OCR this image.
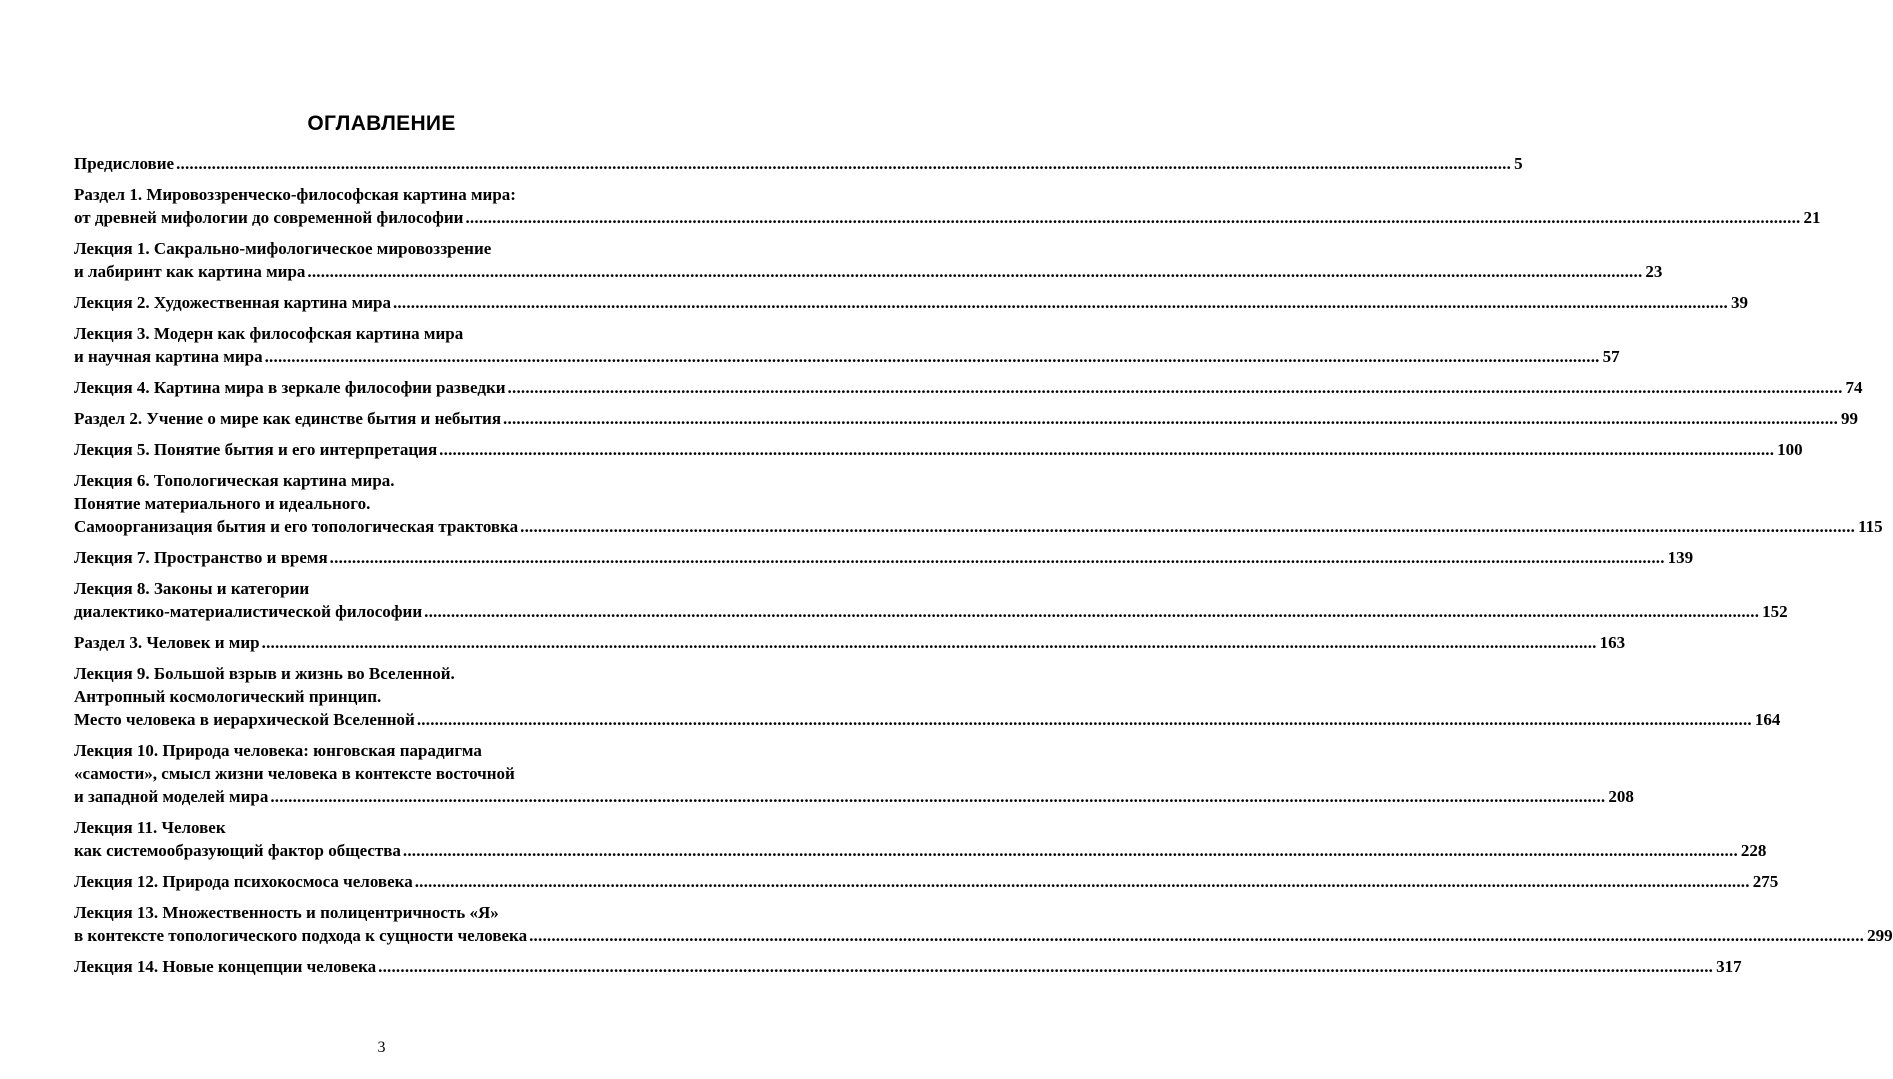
ОГЛАВЛЕНИЕ
Предисловие ............................................................................................................................................................................................................................................................................................................ 5
Раздел 1. Мировоззренческо-философская картина мира:
от древней мифологии до современной философии ............................................................................................................................................................................................................................................................................................................ 21
Лекция 1. Сакрально-мифологическое мировоззрение
и лабиринт как картина мира ............................................................................................................................................................................................................................................................................................................ 23
Лекция 2. Художественная картина мира ............................................................................................................................................................................................................................................................................................................ 39
Лекция 3. Модерн как философская картина мира
и научная картина мира ............................................................................................................................................................................................................................................................................................................ 57
Лекция 4. Картина мира в зеркале философии разведки ............................................................................................................................................................................................................................................................................................................ 74
Раздел 2. Учение о мире как единстве бытия и небытия ............................................................................................................................................................................................................................................................................................................ 99
Лекция 5. Понятие бытия и его интерпретация ............................................................................................................................................................................................................................................................................................................ 100
Лекция 6. Топологическая картина мира.
Понятие материального и идеального.
Самоорганизация бытия и его топологическая трактовка ............................................................................................................................................................................................................................................................................................................ 115
Лекция 7. Пространство и время ............................................................................................................................................................................................................................................................................................................ 139
Лекция 8. Законы и категории
диалектико-материалистической философии ............................................................................................................................................................................................................................................................................................................ 152
Раздел 3. Человек и мир ............................................................................................................................................................................................................................................................................................................ 163
Лекция 9. Большой взрыв и жизнь во Вселенной.
Антропный космологический принцип.
Место человека в иерархической Вселенной ............................................................................................................................................................................................................................................................................................................ 164
Лекция 10. Природа человека: юнговская парадигма
«самости», смысл жизни человека в контексте восточной
и западной моделей мира ............................................................................................................................................................................................................................................................................................................ 208
Лекция 11. Человек
как системообразующий фактор общества ............................................................................................................................................................................................................................................................................................................ 228
Лекция 12. Природа психокосмоса человека ............................................................................................................................................................................................................................................................................................................ 275
Лекция 13. Множественность и полицентричность «Я»
в контексте топологического подхода к сущности человека ............................................................................................................................................................................................................................................................................................................ 299
Лекция 14. Новые концепции человека ............................................................................................................................................................................................................................................................................................................ 317
3
